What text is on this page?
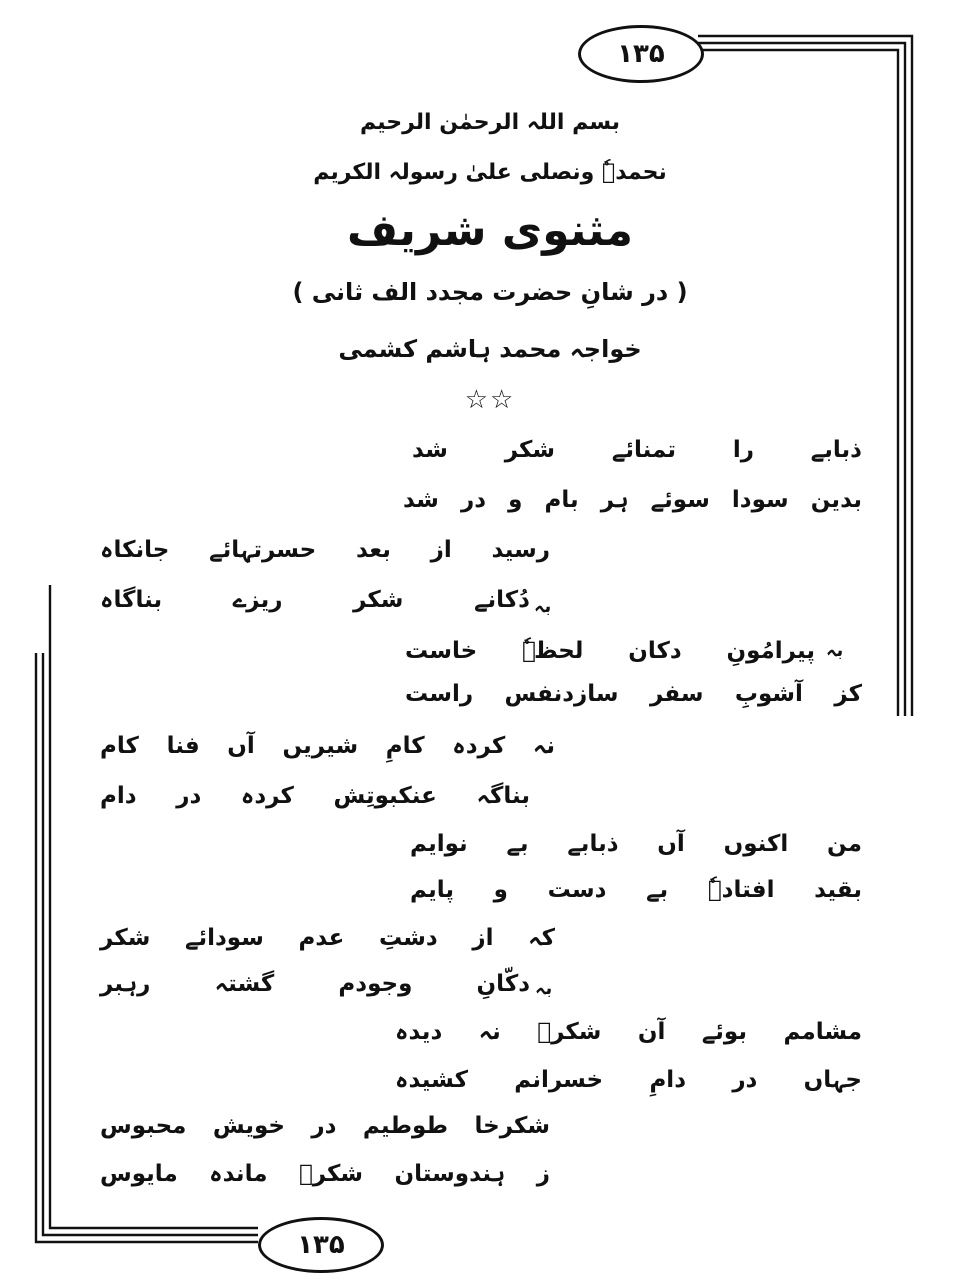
۱۳۵
۱۳۵
بسم اللہ الرحمٰن الرحیم
نحمدہٗ ونصلی علیٰ رسولہ الکریم
مثنوی شریف
( در شانِ حضرت مجدد الف ثانی )
خواجہ محمد ہاشم کشمی
☆☆
ذبابے
را
تمنائے
شکر
شد
بدین
سودا
سوئے
ہر
بام
و
در
شد
رسید
از
بعد
حسرتہائے
جانکاہ
دُکانے
شکر
ریزے
بناگاہ	بہ
پیرامُونِ
دکان
لحظہٗ
خاست	بہ
کز
آشوبِ
سفر
سازدنفس
راست
نہ
کردہ
کامِ
شیریں
آں
فنا
کام
بناگہ
عنکبوتِش
کردہ
در
دام
من
اکنوں
آں
ذبابے
بے
نوایم
بقید
افتادہٗ
بے
دست
و
پایم
کہ
از
دشتِ
عدم
سودائے
شکر
بہ
دکّانِ
وجودم
گشتہ
رہبر
مشامم
بوئے
آن
شکرؔ
نہ
دیدہ
جہاں
در
دامِ
خسرانم
کشیدہ
شکرخا
طوطیم
در
خویش
محبوس
ز
ہندوستان
شکرؔ
ماندہ
مایوس
